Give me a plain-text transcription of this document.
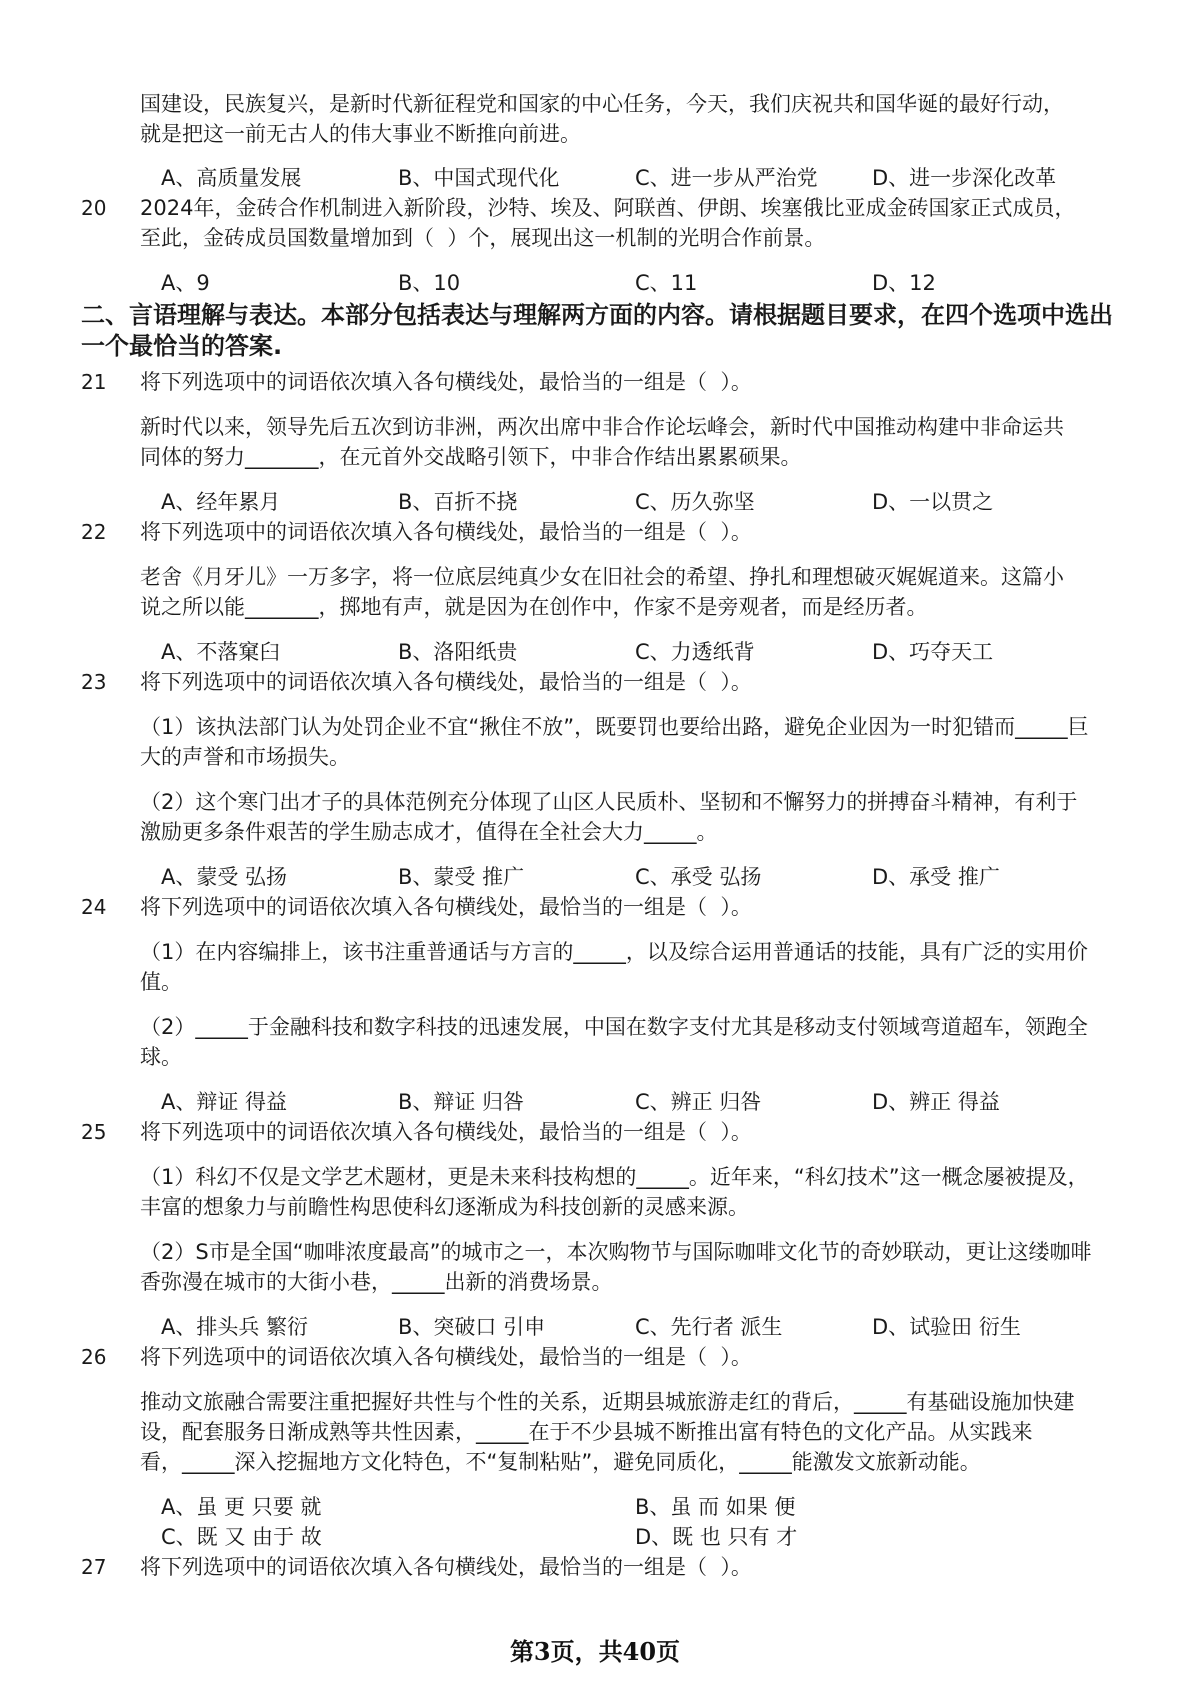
国建设，民族复兴，是新时代新征程党和国家的中心任务，今天，我们庆祝共和国华诞的最好行动，
就是把这一前无古人的伟大事业不断推向前进。
A、高质量发展	B、中国式现代化	C、进一步从严治党	D、进一步深化改革
20 2024年，金砖合作机制进入新阶段，沙特、埃及、阿联酋、伊朗、埃塞俄比亚成金砖国家正式成员，
至此，金砖成员国数量增加到（  ）个，展现出这一机制的光明合作前景。
A、9	B、10	C、11	D、12
二、言语理解与表达。本部分包括表达与理解两方面的内容。请根据题目要求，在四个选项中选出
一个最恰当的答案.
21 将下列选项中的词语依次填入各句横线处，最恰当的一组是（  ）。
新时代以来，领导先后五次到访非洲，两次出席中非合作论坛峰会，新时代中国推动构建中非命运共
同体的努力_______，在元首外交战略引领下，中非合作结出累累硕果。
A、经年累月	B、百折不挠	C、历久弥坚	D、一以贯之
22 将下列选项中的词语依次填入各句横线处，最恰当的一组是（  ）。
老舍《月牙儿》一万多字，将一位底层纯真少女在旧社会的希望、挣扎和理想破灭娓娓道来。这篇小
说之所以能_______，掷地有声，就是因为在创作中，作家不是旁观者，而是经历者。
A、不落窠臼	B、洛阳纸贵	C、力透纸背	D、巧夺天工
23 将下列选项中的词语依次填入各句横线处，最恰当的一组是（  ）。
（1）该执法部门认为处罚企业不宜“揪住不放”，既要罚也要给出路，避免企业因为一时犯错而_____巨
大的声誉和市场损失。
（2）这个寒门出才子的具体范例充分体现了山区人民质朴、坚韧和不懈努力的拼搏奋斗精神，有利于
激励更多条件艰苦的学生励志成才，值得在全社会大力_____。
A、蒙受 弘扬	B、蒙受 推广	C、承受 弘扬	D、承受 推广
24 将下列选项中的词语依次填入各句横线处，最恰当的一组是（  ）。
（1）在内容编排上，该书注重普通话与方言的_____，以及综合运用普通话的技能，具有广泛的实用价
值。
（2）_____于金融科技和数字科技的迅速发展，中国在数字支付尤其是移动支付领域弯道超车，领跑全
球。
A、辩证 得益	B、辩证 归咎	C、辨正 归咎	D、辨正 得益
25 将下列选项中的词语依次填入各句横线处，最恰当的一组是（  ）。
（1）科幻不仅是文学艺术题材，更是未来科技构想的_____。近年来，“科幻技术”这一概念屡被提及，
丰富的想象力与前瞻性构思使科幻逐渐成为科技创新的灵感来源。
（2）S市是全国“咖啡浓度最高”的城市之一，本次购物节与国际咖啡文化节的奇妙联动，更让这缕咖啡
香弥漫在城市的大街小巷，_____出新的消费场景。
A、排头兵 繁衍	B、突破口 引申	C、先行者 派生	D、试验田 衍生
26 将下列选项中的词语依次填入各句横线处，最恰当的一组是（  ）。
推动文旅融合需要注重把握好共性与个性的关系，近期县城旅游走红的背后，_____有基础设施加快建
设，配套服务日渐成熟等共性因素，_____在于不少县城不断推出富有特色的文化产品。从实践来
看，_____深入挖掘地方文化特色，不“复制粘贴”，避免同质化，_____能激发文旅新动能。
A、虽 更 只要 就	B、虽 而 如果 便
C、既 又 由于 故	D、既 也 只有 才
27 将下列选项中的词语依次填入各句横线处，最恰当的一组是（  ）。
第3页，共40页
